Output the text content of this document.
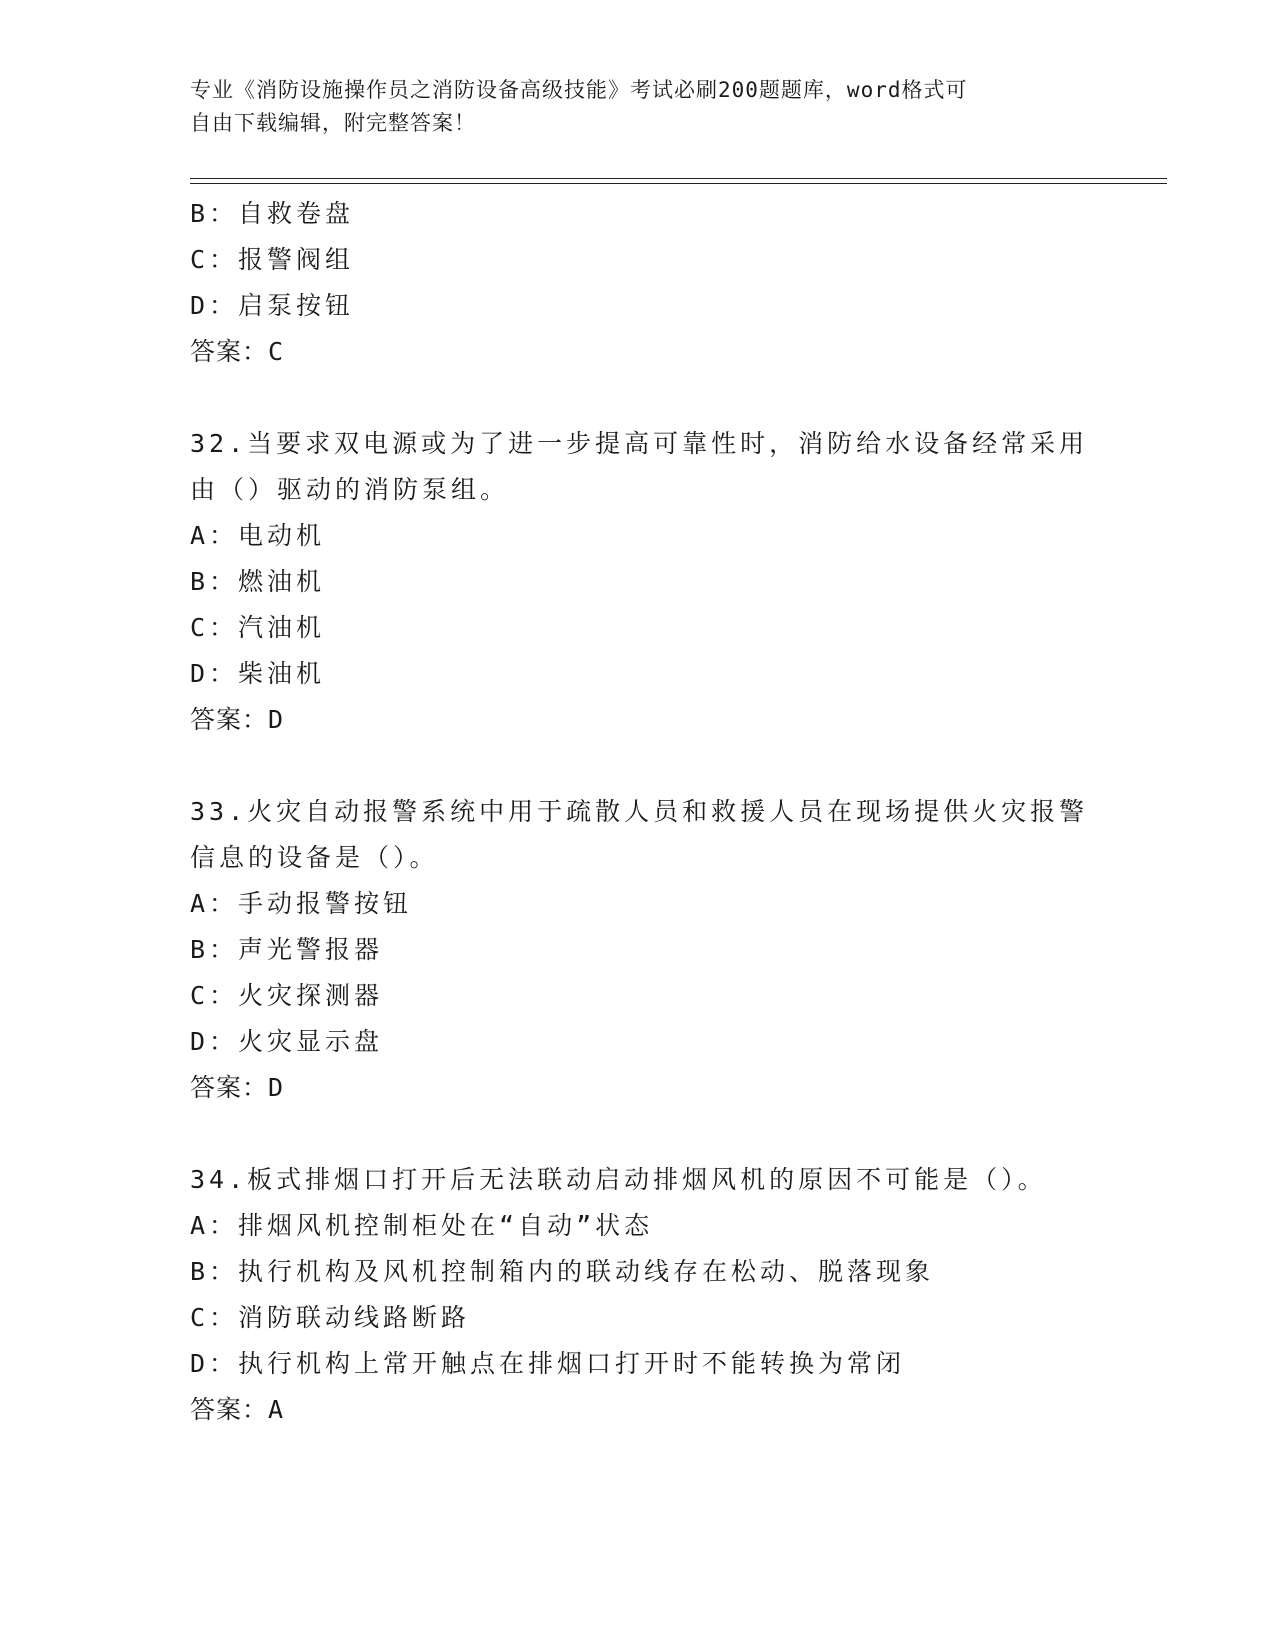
专业《消防设施操作员之消防设备高级技能》考试必刷200题题库，word格式可
自由下载编辑，附完整答案！
B：自救卷盘
C：报警阀组
D：启泵按钮
答案：C
32.当要求双电源或为了进一步提高可靠性时，消防给水设备经常采用
由（）驱动的消防泵组。
A：电动机
B：燃油机
C：汽油机
D：柴油机
答案：D
33.火灾自动报警系统中用于疏散人员和救援人员在现场提供火灾报警
信息的设备是（）。
A：手动报警按钮
B：声光警报器
C：火灾探测器
D：火灾显示盘
答案：D
34.板式排烟口打开后无法联动启动排烟风机的原因不可能是（）。
A：排烟风机控制柜处在“自动”状态
B：执行机构及风机控制箱内的联动线存在松动、脱落现象
C：消防联动线路断路
D：执行机构上常开触点在排烟口打开时不能转换为常闭
答案：A
